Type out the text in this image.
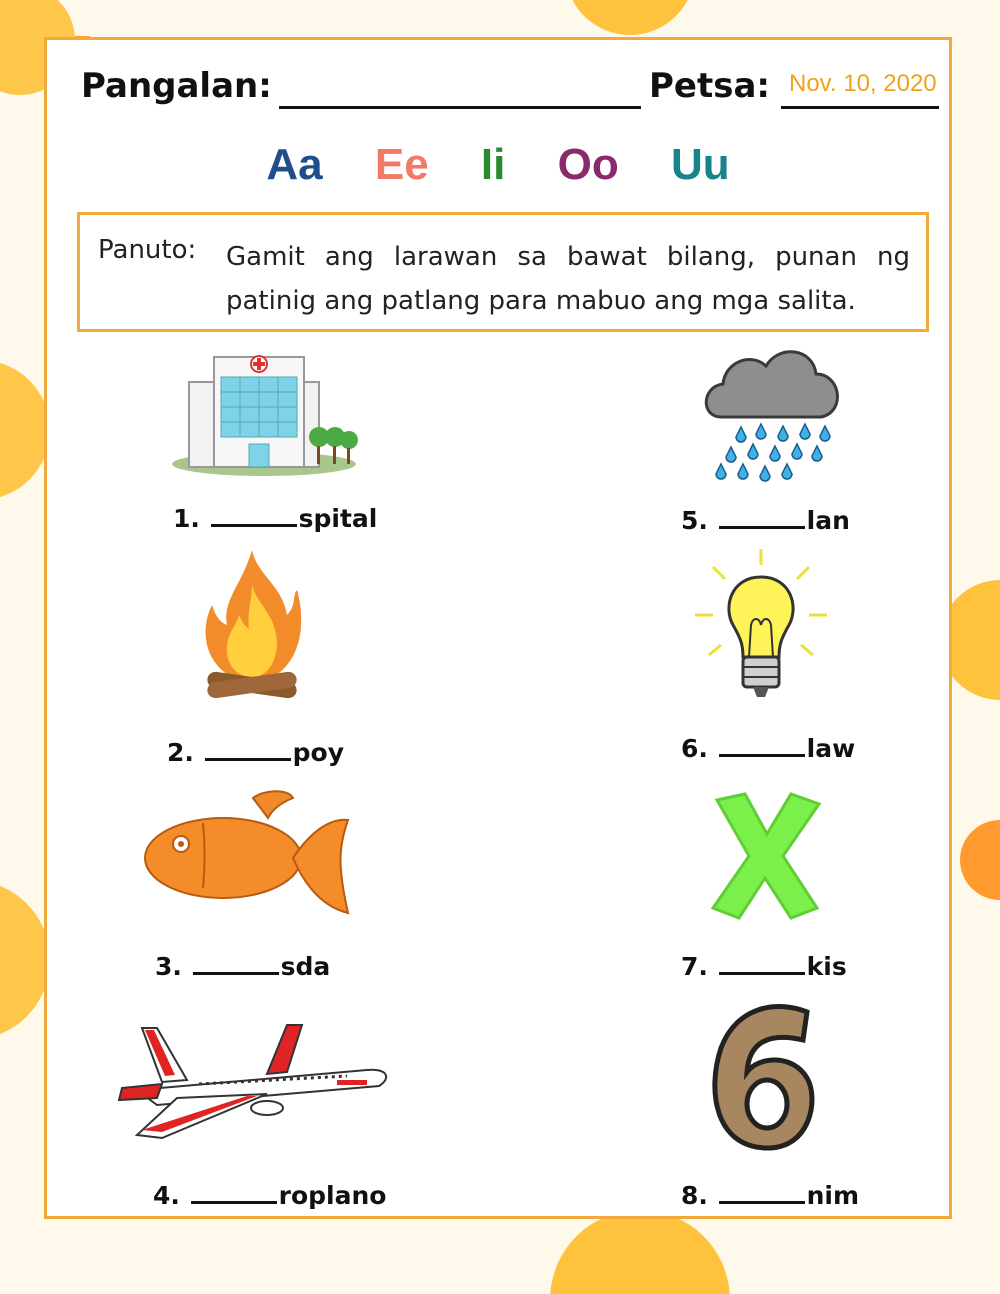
Pangalan:	Petsa: Nov. 10, 2020
Aa Ee Ii Oo Uu
Panuto: Gamit ang larawan sa bawat bilang, punan ng patinig ang patlang para mabuo ang mga salita.
1.	spital
2.	poy
3.	sda
4.	roplano
5.	lan
6.	law
7.	kis
8.	nim
